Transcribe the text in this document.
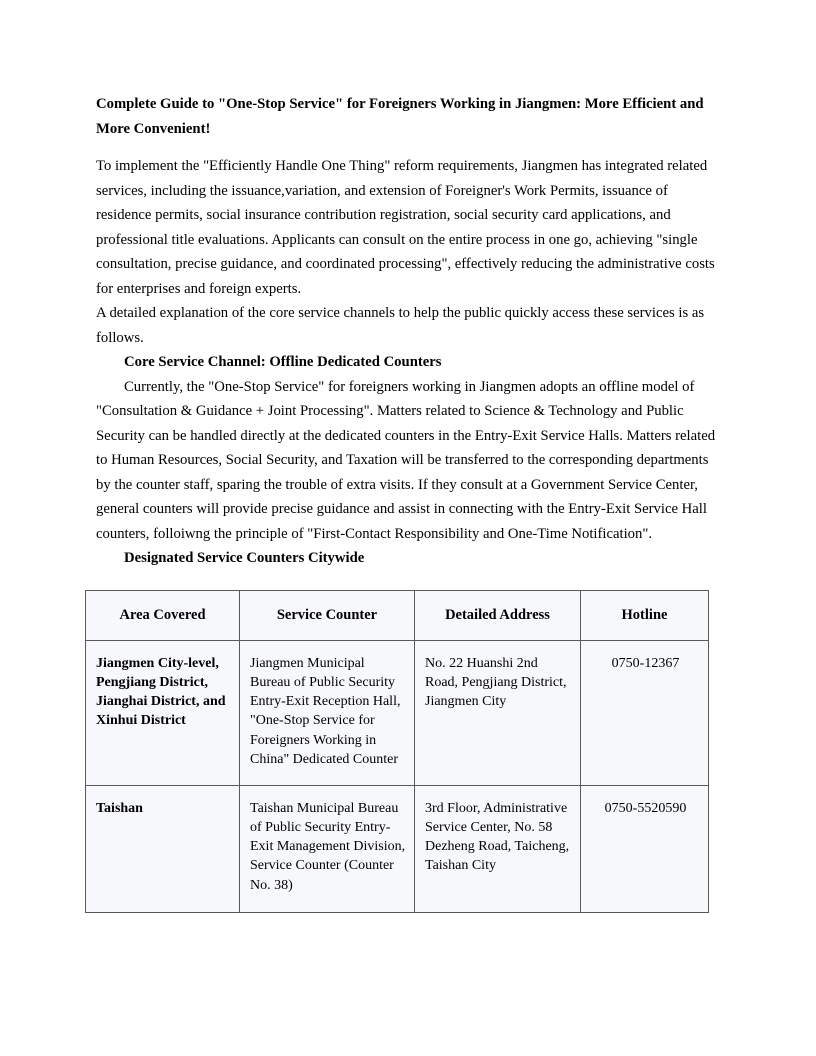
Complete Guide to "One-Stop Service" for Foreigners Working in Jiangmen: More Efficient and More Convenient!

To implement the "Efficiently Handle One Thing" reform requirements, Jiangmen has integrated related services, including the issuance,variation, and extension of Foreigner's Work Permits, issuance of residence permits, social insurance contribution registration, social security card applications, and professional title evaluations. Applicants can consult on the entire process in one go, achieving "single consultation, precise guidance, and coordinated processing", effectively reducing the administrative costs for enterprises and foreign experts.

A detailed explanation of the core service channels to help the public quickly access these services is as follows.

Core Service Channel: Offline Dedicated Counters

Currently, the "One-Stop Service" for foreigners working in Jiangmen adopts an offline model of "Consultation & Guidance + Joint Processing". Matters related to Science & Technology and Public Security can be handled directly at the dedicated counters in the Entry-Exit Service Halls. Matters related to Human Resources, Social Security, and Taxation will be transferred to the corresponding departments by the counter staff, sparing the trouble of extra visits. If they consult at a Government Service Center, general counters will provide precise guidance and assist in connecting with the Entry-Exit Service Hall counters, folloiwng the principle of "First-Contact Responsibility and One-Time Notification".

Designated Service Counters Citywide

Area Covered	Service Counter	Detailed Address	Hotline
Jiangmen City-level, Pengjiang District, Jianghai District, and Xinhui District	Jiangmen Municipal Bureau of Public Security Entry-Exit Reception Hall, "One-Stop Service for Foreigners Working in China" Dedicated Counter	No. 22 Huanshi 2nd Road, Pengjiang District, Jiangmen City	0750-12367
Taishan	Taishan Municipal Bureau of Public Security Entry-Exit Management Division, Service Counter (Counter No. 38)	3rd Floor, Administrative Service Center, No. 58 Dezheng Road, Taicheng, Taishan City	0750-5520590
